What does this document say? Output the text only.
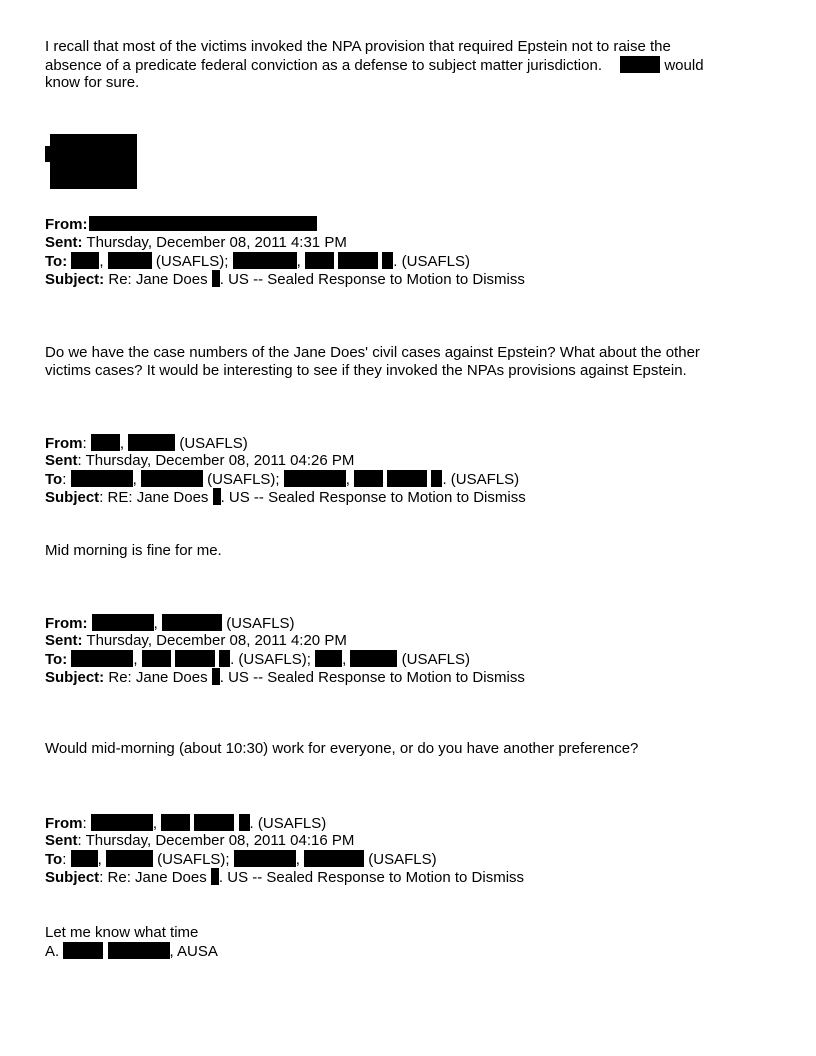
I recall that most of the victims invoked the NPA provision that required Epstein not to raise the
absence of a predicate federal conviction as a defense to subject matter jurisdiction.	would
know for sure.
From:
Sent: Thursday, December 08, 2011 4:31 PM
To: ,	(USAFLS);	,	. (USAFLS)
Subject: Re: Jane Does . US -- Sealed Response to Motion to Dismiss
Do we have the case numbers of the Jane Does' civil cases against Epstein? What about the other
victims cases? It would be interesting to see if they invoked the NPAs provisions against Epstein.
From: ,	(USAFLS)
Sent: Thursday, December 08, 2011 04:26 PM
To:	,	(USAFLS);	,	. (USAFLS)
Subject: RE: Jane Does . US -- Sealed Response to Motion to Dismiss
Mid morning is fine for me.
From:	,	(USAFLS)
Sent: Thursday, December 08, 2011 4:20 PM
To:	,	. (USAFLS); ,	(USAFLS)
Subject: Re: Jane Does . US -- Sealed Response to Motion to Dismiss
Would mid-morning (about 10:30) work for everyone, or do you have another preference?
From:	,	. (USAFLS)
Sent: Thursday, December 08, 2011 04:16 PM
To: ,	(USAFLS);	,	(USAFLS)
Subject: Re: Jane Does . US -- Sealed Response to Motion to Dismiss
Let me know what time
A.	, AUSA
